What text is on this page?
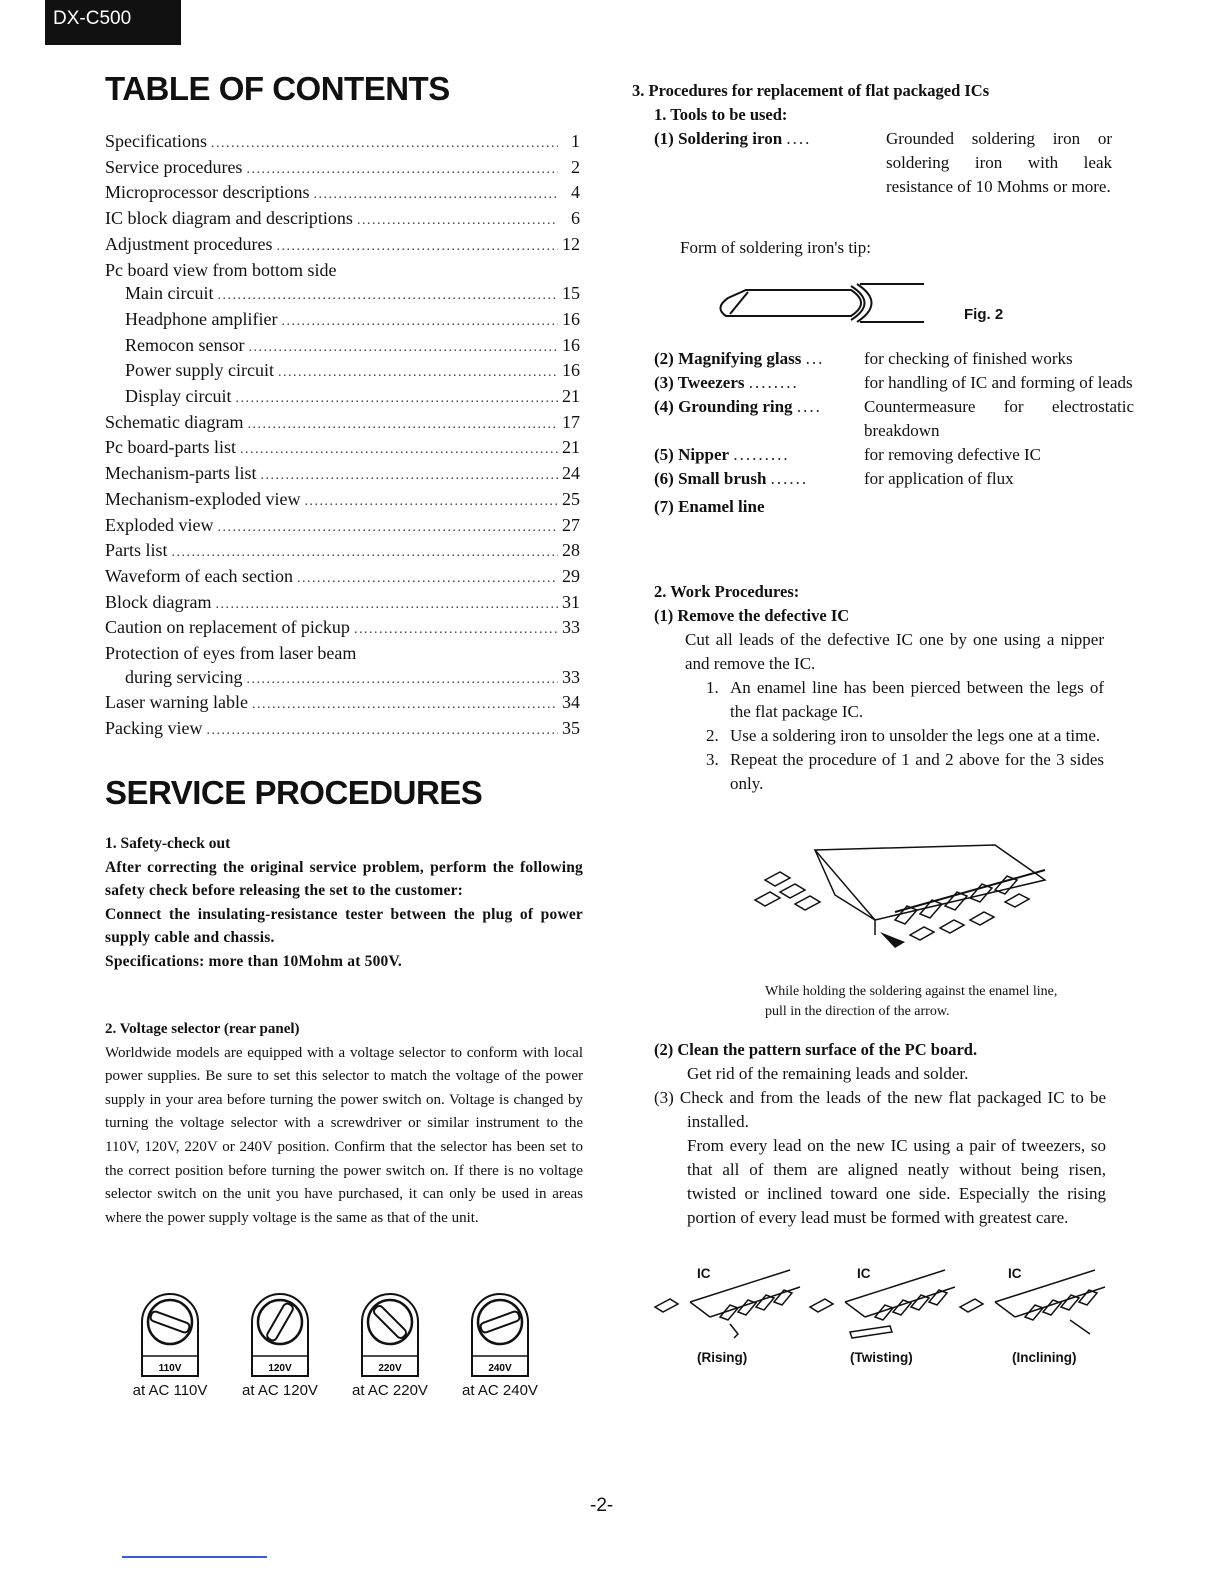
DX-C500
TABLE OF CONTENTS
Specifications .....	1
Service procedures .....	2
Microprocessor descriptions .....	4
IC block diagram and descriptions .....	6
Adjustment procedures .....	12
Pc board view from bottom side
Main circuit .....	15
Headphone amplifier .....	16
Remocon sensor .....	16
Power supply circuit .....	16
Display circuit .....	21
Schematic diagram .....	17
Pc board-parts list .....	21
Mechanism-parts list .....	24
Mechanism-exploded view .....	25
Exploded view .....	27
Parts list .....	28
Waveform of each section .....	29
Block diagram .....	31
Caution on replacement of pickup .....	33
Protection of eyes from laser beam
during servicing .....	33
Laser warning lable .....	34
Packing view .....	35
SERVICE PROCEDURES

1. Safety-check out

After correcting the original service problem, perform the following safety check before releasing the set to the customer:

Connect the insulating-resistance tester between the plug of power supply cable and chassis.

Specifications: more than 10Mohm at 500V.

2. Voltage selector (rear panel)

Worldwide models are equipped with a voltage selector to conform with local power supplies. Be sure to set this selector to match the voltage of the power supply in your area before turning the power switch on. Voltage is changed by turning the voltage selector with a screwdriver or similar instrument to the 110V, 120V, 220V or 240V position. Confirm that the selector has been set to the correct position before turning the power switch on. If there is no voltage selector switch on the unit you have purchased, it can only be used in areas where the power supply voltage is the same as that of the unit.

110V
at AC 110V
120V
at AC 120V
220V
at AC 220V
240V
at AC 240V

3. Procedures for replacement of flat packaged ICs

1. Tools to be used:

(1) Soldering iron ....	Grounded soldering iron or soldering iron with leak resistance of 10 Mohms or more.
Form of soldering iron's tip:
Fig. 2
(2) Magnifying glass ...	for checking of finished works
(3) Tweezers ........	for handling of IC and forming of leads
(4) Grounding ring ....	Countermeasure for electrostatic breakdown
(5) Nipper .........	for removing defective IC
(6) Small brush ......	for application of flux
(7) Enamel line

2. Work Procedures:

(1) Remove the defective IC

Cut all leads of the defective IC one by one using a nipper and remove the IC.

1. An enamel line has been pierced between the legs of the flat package IC.
2. Use a soldering iron to unsolder the legs one at a time.
3. Repeat the procedure of 1 and 2 above for the 3 sides only.

While holding the soldering against the enamel line,

pull in the direction of the arrow.

(2) Clean the pattern surface of the PC board.

Get rid of the remaining leads and solder.

(3) Check and from the leads of the new flat packaged IC to be installed.

From every lead on the new IC using a pair of tweezers, so that all of them are aligned neatly without being risen, twisted or inclined toward one side. Especially the rising portion of every lead must be formed with greatest care.

IC	IC	IC
(Rising)	(Twisting)	(Inclining)
-2-
